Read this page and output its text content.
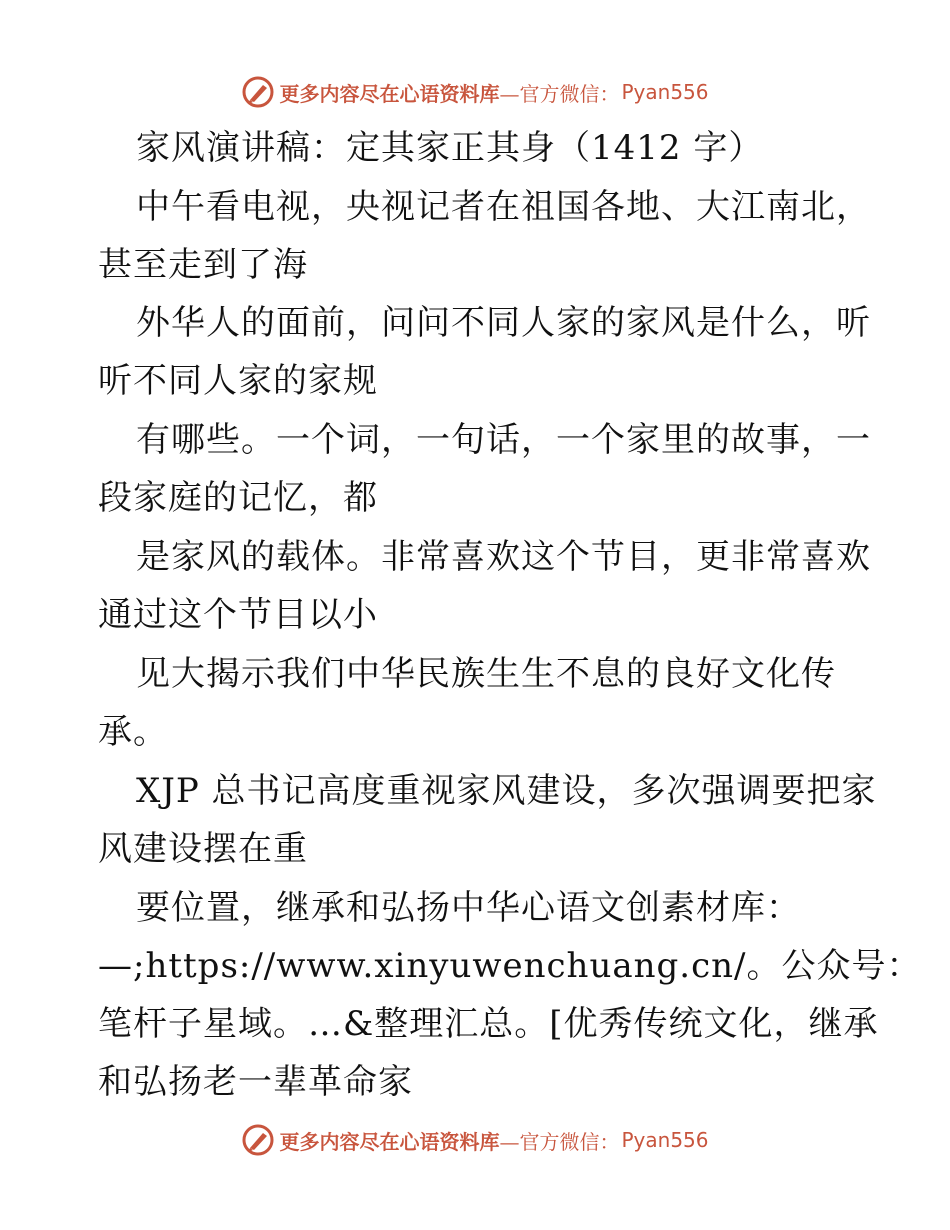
更多内容尽在心语资料库 —官方微信： Pyan556
家风演讲稿：定其家正其身（1412 字）
中午看电视，央视记者在祖国各地、大江南北，
甚至走到了海
外华人的面前，问问不同人家的家风是什么，听
听不同人家的家规
有哪些。一个词，一句话，一个家里的故事，一
段家庭的记忆，都
是家风的载体。非常喜欢这个节目，更非常喜欢
通过这个节目以小
见大揭示我们中华民族生生不息的良好文化传
承。
XJP 总书记高度重视家风建设，多次强调要把家
风建设摆在重
要位置，继承和弘扬中华心语文创素材库：
—;https://www.xinyuwenchuang.cn/。公众号：
笔杆子星域。…&整理汇总。[优秀传统文化，继承
和弘扬老一辈革命家
更多内容尽在心语资料库 —官方微信： Pyan556
